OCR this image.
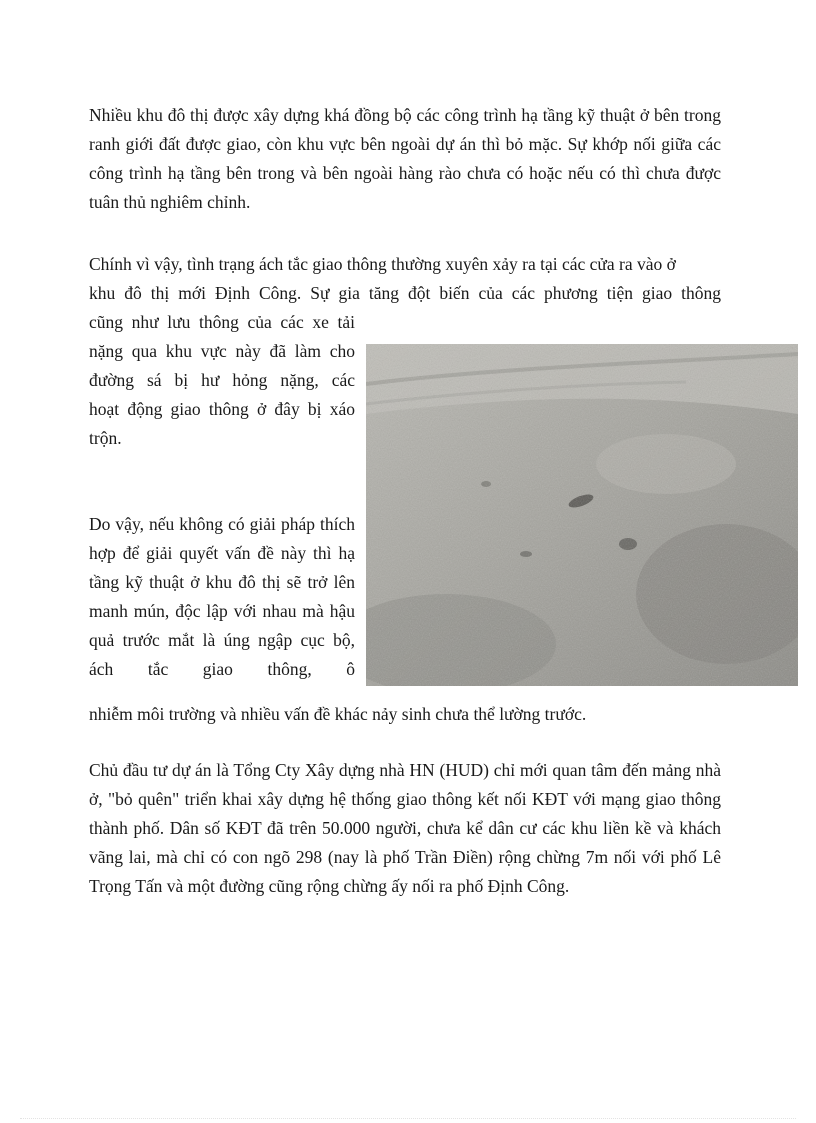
Nhiều khu đô thị được xây dựng khá đồng bộ các công trình hạ tầng kỹ thuật ở bên trong ranh giới đất được giao, còn khu vực bên ngoài dự án thì bỏ mặc. Sự khớp nối giữa các công trình hạ tầng bên trong và bên ngoài hàng rào chưa có hoặc nếu có thì chưa được tuân thủ nghiêm chỉnh.

Chính vì vậy, tình trạng ách tắc giao thông thường xuyên xảy ra tại các cửa ra vào ở
khu đô thị mới Định Công. Sự gia tăng đột biến của các phương tiện giao thông
cũng như lưu thông của các xe tải
nặng qua khu vực này đã làm cho
đường sá bị hư hỏng nặng, các
hoạt động giao thông ở đây bị xáo
trộn.

Do vậy, nếu không có giải pháp thích hợp để giải quyết vấn đề này thì hạ tầng kỹ thuật ở khu đô thị sẽ trở lên manh mún, độc lập với nhau mà hậu quả trước mắt là úng ngập cục bộ, ách tắc giao thông, ô

nhiễm môi trường và nhiều vấn đề khác nảy sinh chưa thể lường trước.

Chủ đầu tư dự án là Tổng Cty Xây dựng nhà HN (HUD) chỉ mới quan tâm đến mảng nhà ở, "bỏ quên" triển khai xây dựng hệ thống giao thông kết nối KĐT với mạng giao thông thành phố. Dân số KĐT đã trên 50.000 người, chưa kể dân cư các khu liền kề và khách vãng lai, mà chỉ có con ngõ 298 (nay là phố Trần Điền) rộng chừng 7m nối với phố Lê Trọng Tấn và một đường cũng rộng chừng ấy nối ra phố Định Công.
